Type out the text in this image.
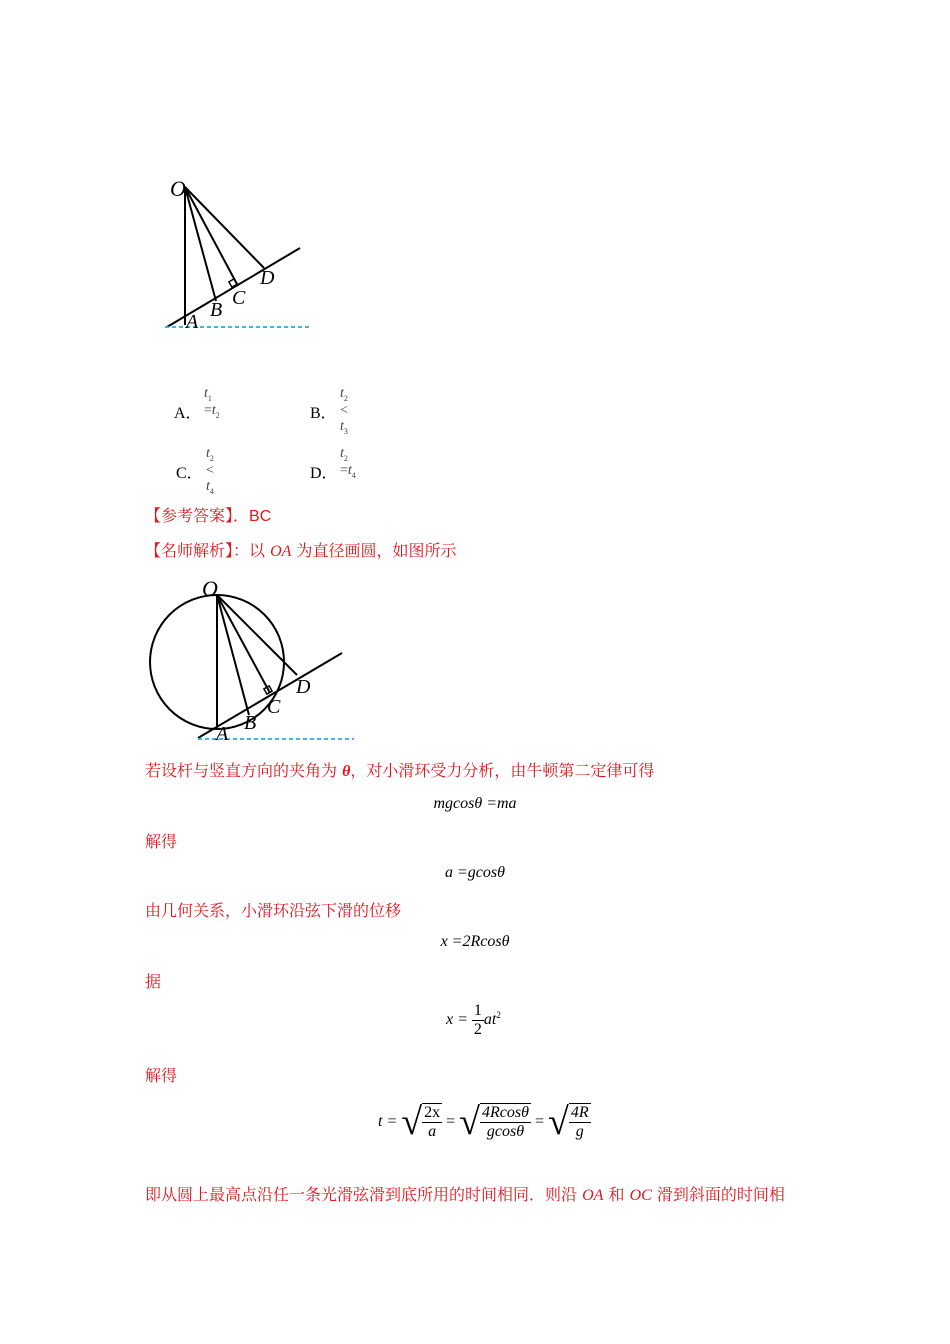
O
A
B
C
D
A．
$t_1 =t_2$	B．
$t_2 < t_3$
C．
$t_2 < t_4$
D．
$t_2 =t_4$
【参考答案】．BC
【名师解析】：以 OA 为直径画圆，如图所示
O
A B
C
D
若设杆与竖直方向的夹角为 θ，对小滑环受力分析，由牛顿第二定律可得
mgcosθ =ma
解得
a =gcosθ
由几何关系，小滑环沿弦下滑的位移
x =2Rcosθ
据
$x = \frac{1}{2} at^2$
解得
t = √ $\frac{2x}{a}$ = √ $\frac{4Rcos\theta}{gcos\theta}$ = √ $\frac{4R}{g}$
即从圆上最高点沿任一条光滑弦滑到底所用的时间相同．则沿 OA 和 OC 滑到斜面的时间相
